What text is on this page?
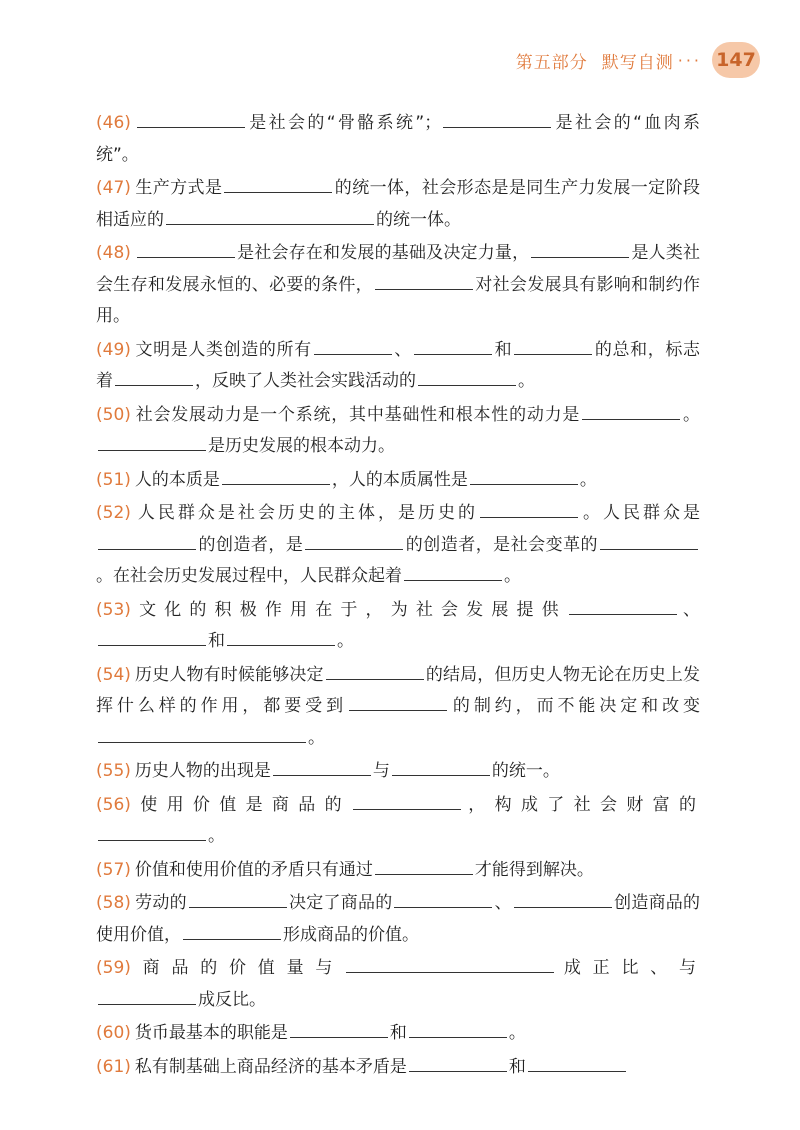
第五部分 默写自测 ··· 147

(46)	是社会的“骨骼系统”；	是社会的“血肉系统”。

(47) 生产方式是	的统一体，社会形态是是同生产力发展一定阶段相适应的	的统一体。

(48)	是社会存在和发展的基础及决定力量，	是人类社会生存和发展永恒的、必要的条件，	对社会发展具有影响和制约作用。

(49) 文明是人类创造的所有	、	和	的总和，标志着	，反映了人类社会实践活动的	。

(50) 社会发展动力是一个系统，其中基础性和根本性的动力是	。是历史发展的根本动力。

(51) 人的本质是	，人的本质属性是	。

(52) 人民群众是社会历史的主体，是历史的	。人民群众是的创造者，是	的创造者，是社会变革的。在社会历史发展过程中，人民群众起着	。

(53) 文化的积极作用在于，为社会发展提供	、和	。

(54) 历史人物有时候能够决定	的结局，但历史人物无论在历史上发挥什么样的作用，都要受到	的制约，而不能决定和改变。

(55) 历史人物的出现是	与	的统一。

(56) 使用价值是商品的	，构成了社会财富的。

(57) 价值和使用价值的矛盾只有通过	才能得到解决。

(58) 劳动的	决定了商品的	、	创造商品的使用价值，	形成商品的价值。

(59) 商品的价值量与	成正比、与成反比。

(60) 货币最基本的职能是	和	。

(61) 私有制基础上商品经济的基本矛盾是	和
